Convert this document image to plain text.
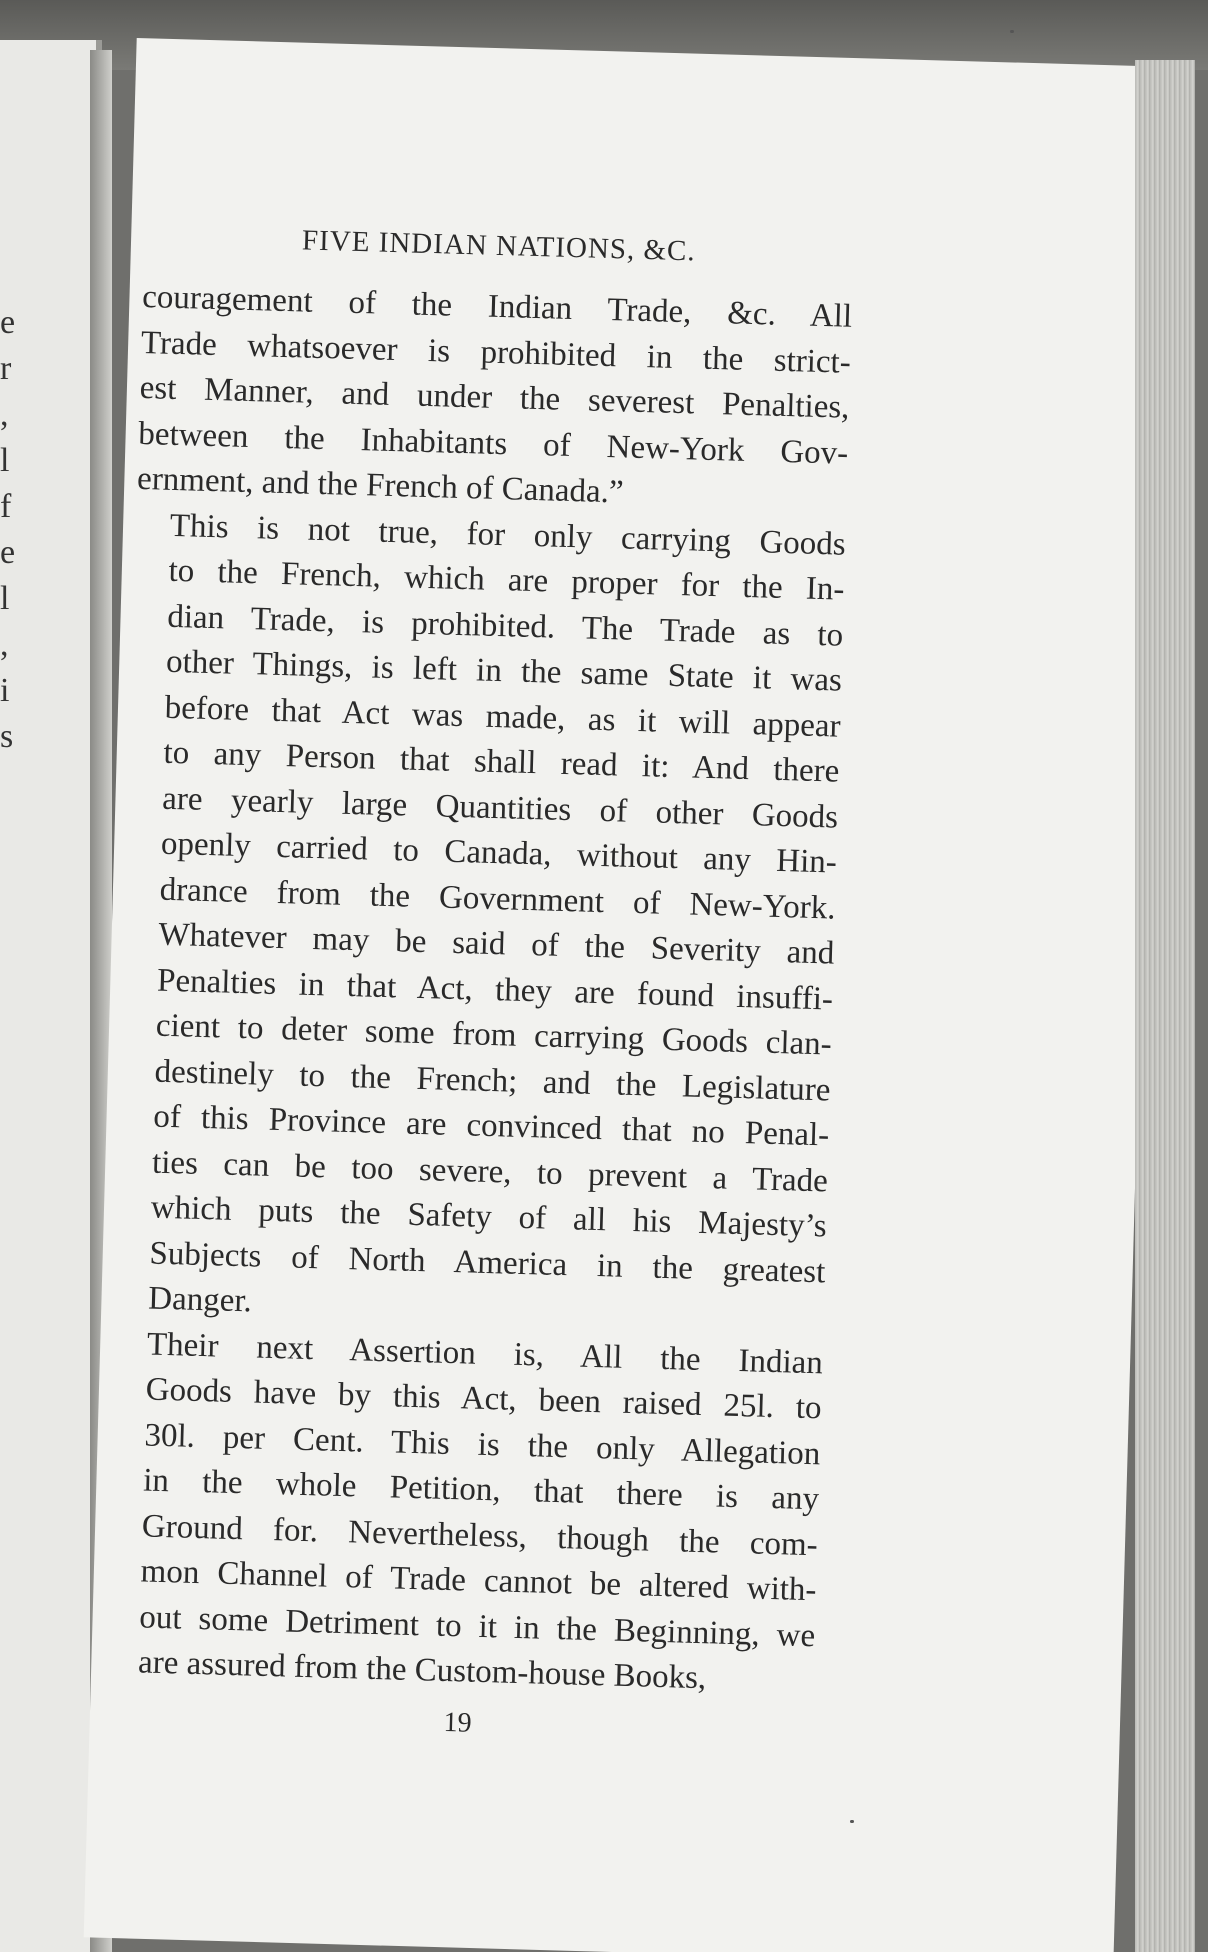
e
r
,
l
f
e
l
,
i
s
FIVE INDIAN NATIONS, &C.

couragement of the Indian Trade, &c. All
Trade whatsoever is prohibited in the strict-
est Manner, and under the severest Penalties,
between the Inhabitants of New-York Gov-
ernment, and the French of Canada.”

This is not true, for only carrying Goods
to the French, which are proper for the In-
dian Trade, is prohibited. The Trade as to
other Things, is left in the same State it was
before that Act was made, as it will appear
to any Person that shall read it: And there
are yearly large Quantities of other Goods
openly carried to Canada, without any Hin-
drance from the Government of New-York.
Whatever may be said of the Severity and
Penalties in that Act, they are found insuffi-
cient to deter some from carrying Goods clan-
destinely to the French; and the Legislature
of this Province are convinced that no Penal-
ties can be too severe, to prevent a Trade
which puts the Safety of all his Majesty’s
Subjects of North America in the greatest
Danger.

Their next Assertion is, All the Indian
Goods have by this Act, been raised 25l. to
30l. per Cent. This is the only Allegation
in the whole Petition, that there is any
Ground for. Nevertheless, though the com-
mon Channel of Trade cannot be altered with-
out some Detriment to it in the Beginning, we
are assured from the Custom-house Books,

19
